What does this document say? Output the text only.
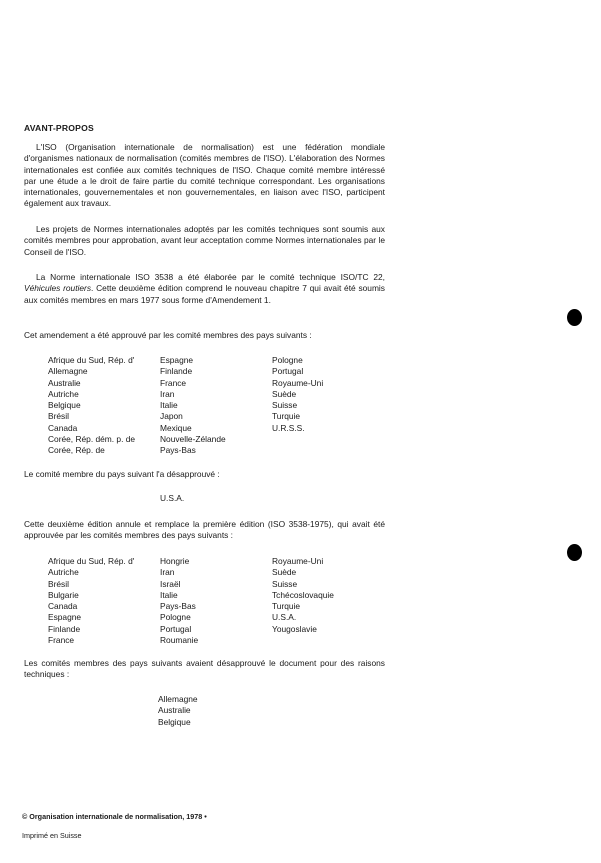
AVANT-PROPOS

L'ISO (Organisation internationale de normalisation) est une fédération mondiale d'organismes nationaux de normalisation (comités membres de l'ISO). L'élaboration des Normes internationales est confiée aux comités techniques de l'ISO. Chaque comité membre intéressé par une étude a le droit de faire partie du comité technique correspondant. Les organisations internationales, gouvernementales et non gouvernementales, en liaison avec l'ISO, participent également aux travaux.

Les projets de Normes internationales adoptés par les comités techniques sont soumis aux comités membres pour approbation, avant leur acceptation comme Normes internationales par le Conseil de l'ISO.

La Norme internationale ISO 3538 a été élaborée par le comité technique ISO/TC 22, Véhicules routiers. Cette deuxième édition comprend le nouveau chapitre 7 qui avait été soumis aux comités membres en mars 1977 sous forme d'Amendement 1.

Cet amendement a été approuvé par les comité membres des pays suivants :

Afrique du Sud, Rép. d'
Allemagne
Australie
Autriche
Belgique
Brésil
Canada
Corée, Rép. dém. p. de
Corée, Rép. de
Espagne
Finlande
France
Iran
Italie
Japon
Mexique
Nouvelle-Zélande
Pays-Bas
Pologne
Portugal
Royaume-Uni
Suède
Suisse
Turquie
U.R.S.S.

Le comité membre du pays suivant l'a désapprouvé :

U.S.A.

Cette deuxième édition annule et remplace la première édition (ISO 3538-1975), qui avait été approuvée par les comités membres des pays suivants :

Afrique du Sud, Rép. d'
Autriche
Brésil
Bulgarie
Canada
Espagne
Finlande
France
Hongrie
Iran
Israël
Italie
Pays-Bas
Pologne
Portugal
Roumanie
Royaume-Uni
Suède
Suisse
Tchécoslovaquie
Turquie
U.S.A.
Yougoslavie

Les comités membres des pays suivants avaient désapprouvé le document pour des raisons techniques :

Allemagne
Australie
Belgique
© Organisation internationale de normalisation, 1978 •
Imprimé en Suisse
